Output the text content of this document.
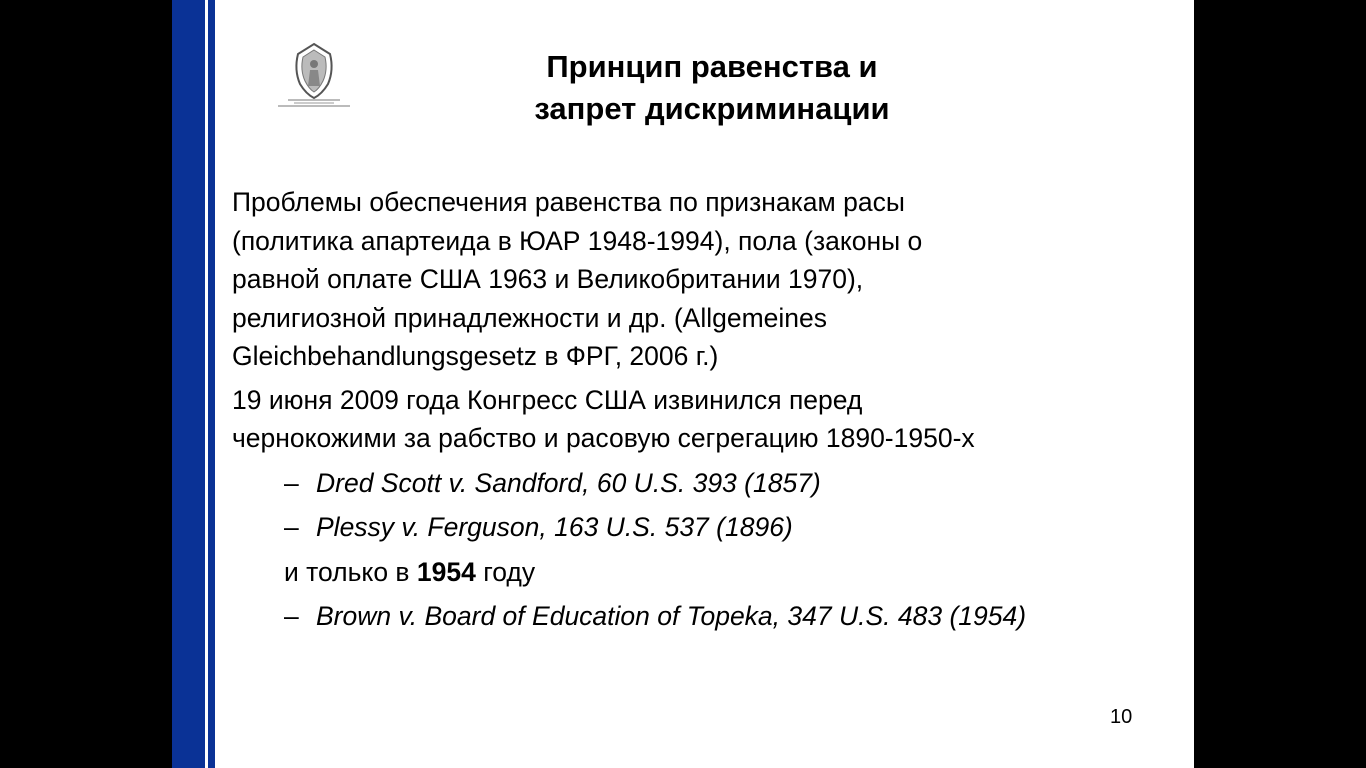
Принцип равенства и
запрет дискриминации
Проблемы обеспечения равенства по признакам расы
(политика апартеида в ЮАР 1948-1994), пола (законы о
равной оплате США 1963 и Великобритании 1970),
религиозной принадлежности и др. (Allgemeines
Gleichbehandlungsgesetz в ФРГ, 2006 г.)
19 июня 2009 года Конгресс США извинился перед
чернокожими за рабство и расовую сегрегацию 1890-1950-х
– Dred Scott v. Sandford, 60 U.S. 393 (1857)
– Plessy v. Ferguson, 163 U.S. 537 (1896)
и только в 1954 году
– Brown v. Board of Education of Topeka, 347 U.S. 483 (1954)
10
